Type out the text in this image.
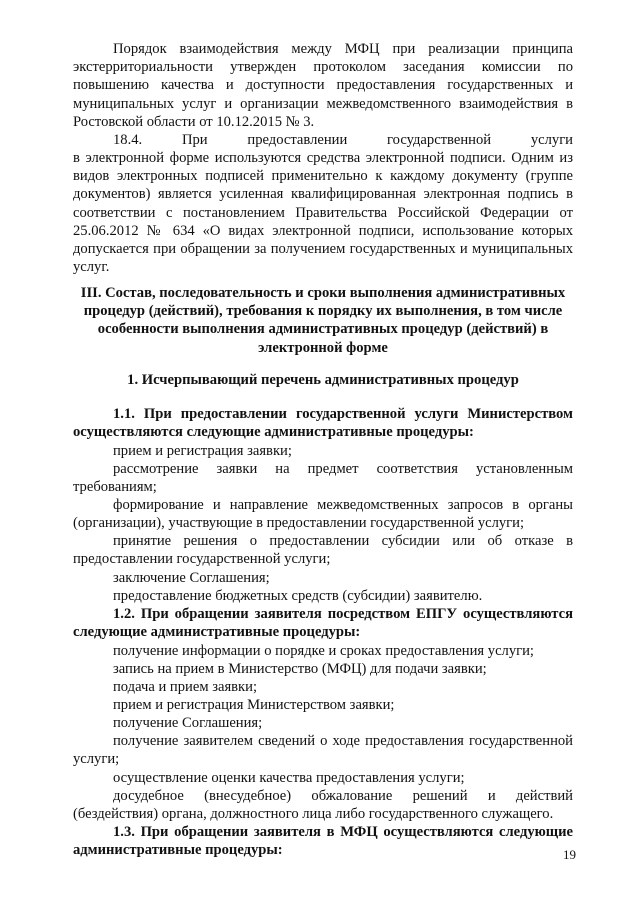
Порядок взаимодействия между МФЦ при реализации принципа экстерриториальности утвержден протоколом заседания комиссии по повышению качества и доступности предоставления государственных и муниципальных услуг и организации межведомственного взаимодействия в Ростовской области от 10.12.2015 № 3.

18.4. При предоставлении государственной услуги

в электронной форме используются средства электронной подписи. Одним из видов электронных подписей применительно к каждому документу (группе документов) является усиленная квалифицированная электронная подпись в соответствии с постановлением Правительства Российской Федерации от 25.06.2012 № 634 «О видах электронной подписи, использование которых допускается при обращении за получением государственных и муниципальных услуг.

III. Состав, последовательность и сроки выполнения административных процедур (действий), требования к порядку их выполнения, в том числе особенности выполнения административных процедур (действий) в электронной форме

1. Исчерпывающий перечень административных процедур

1.1. При предоставлении государственной услуги Министерством осуществляются следующие административные процедуры:

прием и регистрация заявки;

рассмотрение заявки на предмет соответствия установленным требованиям;

формирование и направление межведомственных запросов в органы (организации), участвующие в предоставлении государственной услуги;

принятие решения о предоставлении субсидии или об отказе в предоставлении государственной услуги;

заключение Соглашения;

предоставление бюджетных средств (субсидии) заявителю.

1.2. При обращении заявителя посредством ЕПГУ осуществляются следующие административные процедуры:

получение информации о порядке и сроках предоставления услуги;

запись на прием в Министерство (МФЦ) для подачи заявки;

подача и прием заявки;

прием и регистрация Министерством заявки;

получение Соглашения;

получение заявителем сведений о ходе предоставления государственной услуги;

осуществление оценки качества предоставления услуги;

досудебное (внесудебное) обжалование решений и действий (бездействия) органа, должностного лица либо государственного служащего.

1.3. При обращении заявителя в МФЦ осуществляются следующие административные процедуры:	19
